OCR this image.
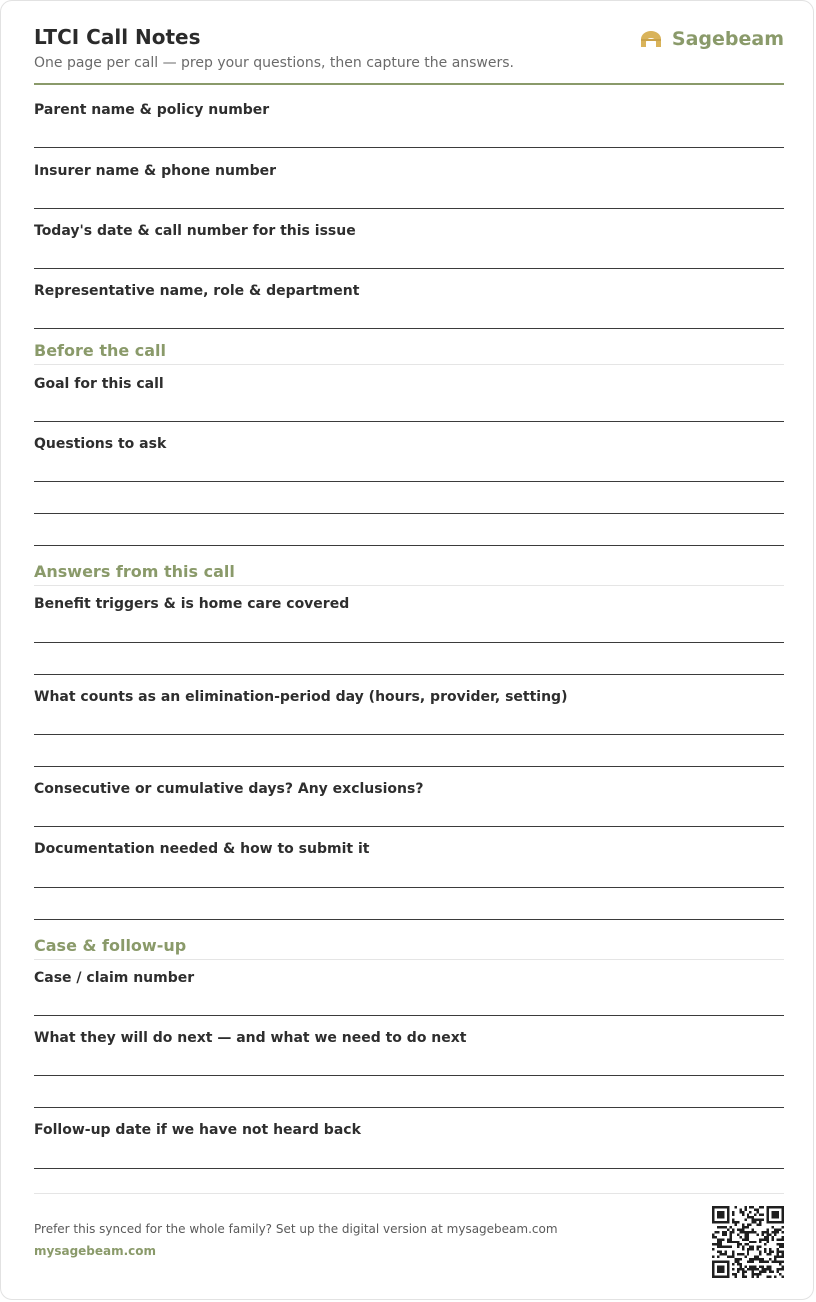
LTCI Call Notes
One page per call — prep your questions, then capture the answers.
Sagebeam
Parent name & policy number
Insurer name & phone number
Today's date & call number for this issue
Representative name, role & department
Before the call
Goal for this call
Questions to ask
Answers from this call
Benefit triggers & is home care covered
What counts as an elimination-period day (hours, provider, setting)
Consecutive or cumulative days? Any exclusions?
Documentation needed & how to submit it
Case & follow-up
Case / claim number
What they will do next — and what we need to do next
Follow-up date if we have not heard back
Prefer this synced for the whole family? Set up the digital version at mysagebeam.com
mysagebeam.com
